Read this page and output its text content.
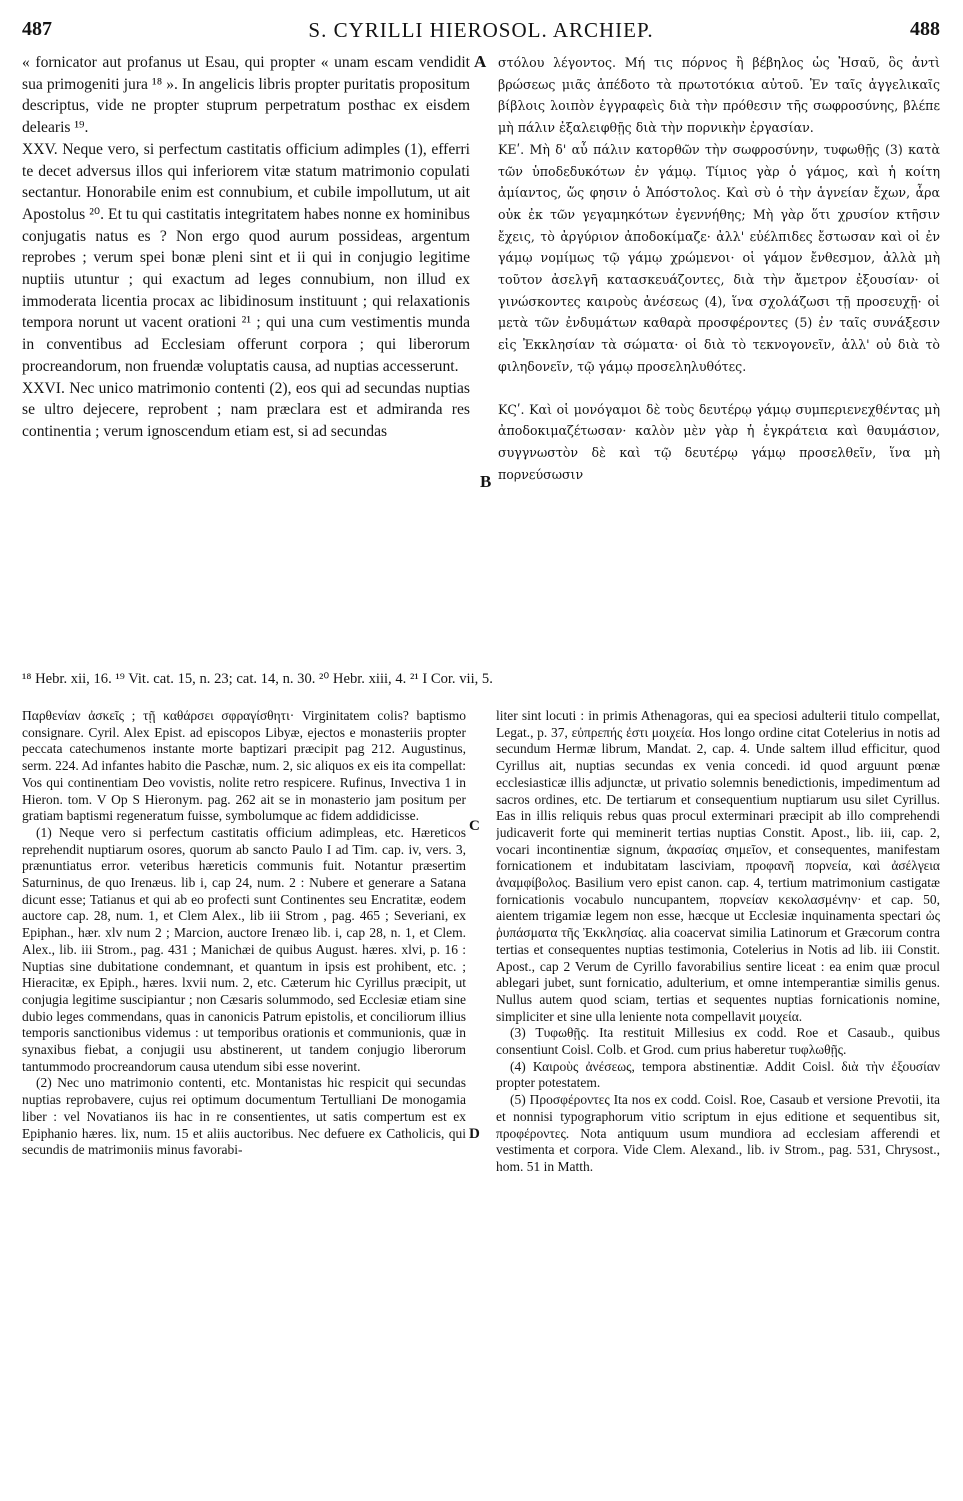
487	S. CYRILLI HIEROSOL. ARCHIEP.	488

« fornicator aut profanus ut Esau, qui propter « unam escam vendidit sua primogeniti jura ¹⁸ ». In angelicis libris propter puritatis propositum descriptus, vide ne propter stuprum perpetratum posthac ex eisdem delearis ¹⁹.

XXV. Neque vero, si perfectum castitatis officium adimples (1), efferri te decet adversus illos qui inferiorem vitæ statum matrimonio copulati sectantur. Honorabile enim est connubium, et cubile impollutum, ut ait Apostolus ²⁰. Et tu qui castitatis integritatem habes nonne ex hominibus conjugatis natus es ? Non ergo quod aurum possideas, argentum reprobes ; verum spei bonæ pleni sint et ii qui in conjugio legitime nuptiis utuntur ; qui exactum ad leges connubium, non illud ex immoderata licentia procax ac libidinosum instituunt ; qui relaxationis tempora norunt ut vacent orationi ²¹ ; qui una cum vestimentis munda in conventibus ad Ecclesiam offerunt corpora ; qui liberorum procreandorum, non fruendæ voluptatis causa, ad nuptias accesserunt.

XXVI. Nec unico matrimonio contenti (2), eos qui ad secundas nuptias se ultro dejecere, reprobent ; nam præclara est et admiranda res continentia ; verum ignoscendum etiam est, si ad secundas

A
B

στόλου λέγοντος. Μή τις πόρνος ἢ βέβηλος ὡς Ἠσαῦ, ὃς ἀντὶ βρώσεως μιᾶς ἀπέδοτο τὰ πρωτοτόκια αὐτοῦ. Ἐν ταῖς ἀγγελικαῖς βίβλοις λοιπὸν ἐγγραφεὶς διὰ τὴν πρόθεσιν τῆς σωφροσύνης, βλέπε μὴ πάλιν ἐξαλειφθῇς διὰ τὴν πορνικὴν ἐργασίαν.

ΚΕʹ. Μὴ δ' αὖ πάλιν κατορθῶν τὴν σωφροσύνην, τυφωθῇς (3) κατὰ τῶν ὑποδεδυκότων ἐν γάμῳ. Τίμιος γὰρ ὁ γάμος, καὶ ἡ κοίτη ἀμίαντος, ὥς φησιν ὁ Ἀπόστολος. Καὶ σὺ ὁ τὴν ἁγνείαν ἔχων, ἆρα οὐκ ἐκ τῶν γεγαμηκότων ἐγεννήθης; Μὴ γὰρ ὅτι χρυσίον κτῆσιν ἔχεις, τὸ ἀργύριον ἀποδοκίμαζε· ἀλλ' εὐέλπιδες ἔστωσαν καὶ οἱ ἐν γάμῳ νομίμως τῷ γάμῳ χρώμενοι· οἱ γάμον ἔνθεσμον, ἀλλὰ μὴ τοῦτον ἀσελγῆ κατασκευάζοντες, διὰ τὴν ἄμετρον ἐξουσίαν· οἱ γινώσκοντες καιροὺς ἀνέσεως (4), ἵνα σχολάζωσι τῇ προσευχῇ· οἱ μετὰ τῶν ἐνδυμάτων καθαρὰ προσφέροντες (5) ἐν ταῖς συνάξεσιν εἰς Ἐκκλησίαν τὰ σώματα· οἱ διὰ τὸ τεκνογονεῖν, ἀλλ' οὐ διὰ τὸ φιληδονεῖν, τῷ γάμῳ προσεληλυθότες.

ΚϚʹ. Καὶ οἱ μονόγαμοι δὲ τοὺς δευτέρῳ γάμῳ συμπεριενεχθέντας μὴ ἀποδοκιμαζέτωσαν· καλὸν μὲν γὰρ ἡ ἐγκράτεια καὶ θαυμάσιον, συγγνωστὸν δὲ καὶ τῷ δευτέρῳ γάμῳ προσελθεῖν, ἵνα μὴ πορνεύσωσιν

¹⁸ Hebr. xii, 16. ¹⁹ Vit. cat. 15, n. 23; cat. 14, n. 30. ²⁰ Hebr. xiii, 4. ²¹ I Cor. vii, 5.

Παρθενίαν ἀσκεῖς ; τῇ καθάρσει σφραγίσθητι· Virginitatem colis? baptismo consignare. Cyril. Alex Epist. ad episcopos Libyæ, ejectos e monasteriis propter peccata catechumenos instante morte baptizari præcipit pag 212. Augustinus, serm. 224. Ad infantes habito die Paschæ, num. 2, sic aliquos ex eis ita compellat: Vos qui continentiam Deo vovistis, nolite retro respicere. Rufinus, Invectiva 1 in Hieron. tom. V Op S Hieronym. pag. 262 ait se in monasterio jam positum per gratiam baptismi regeneratum fuisse, symbolumque ac fidem addidicisse.

(1) Neque vero si perfectum castitatis officium adimpleas, etc. Hæreticos reprehendit nuptiarum osores, quorum ab sancto Paulo I ad Tim. cap. iv, vers. 3, prænuntiatus error. veteribus hæreticis communis fuit. Notantur præsertim Saturninus, de quo Irenæus. lib i, cap 24, num. 2 : Nubere et generare a Satana dicunt esse; Tatianus et qui ab eo profecti sunt Continentes seu Encratitæ, eodem auctore cap. 28, num. 1, et Clem Alex., lib iii Strom , pag. 465 ; Severiani, ex Epiphan., hær. xlv num 2 ; Marcion, auctore Irenæo lib. i, cap 28, n. 1, et Clem. Alex., lib. iii Strom., pag. 431 ; Manichæi de quibus August. hæres. xlvi, p. 16 : Nuptias sine dubitatione condemnant, et quantum in ipsis est prohibent, etc. ; Hieracitæ, ex Epiph., hæres. lxvii num. 2, etc. Cæterum hic Cyrillus præcipit, ut conjugia legitime suscipiantur ; non Cæsaris solummodo, sed Ecclesiæ etiam sine dubio leges commendans, quas in canonicis Patrum epistolis, et conciliorum illius temporis sanctionibus videmus : ut temporibus orationis et communionis, quæ in synaxibus fiebat, a conjugii usu abstinerent, ut tandem conjugio liberorum tantummodo procreandorum causa utendum sibi esse noverint.

(2) Nec uno matrimonio contenti, etc. Montanistas hic respicit qui secundas nuptias reprobavere, cujus rei optimum documentum Tertulliani De monogamia liber : vel Novatianos iis hac in re consentientes, ut satis compertum est ex Epiphanio hæres. lix, num. 15 et aliis auctoribus. Nec defuere ex Catholicis, qui secundis de matrimoniis minus favorabi-

C
D

liter sint locuti : in primis Athenagoras, qui ea speciosi adulterii titulo compellat, Legat., p. 37, εὐπρεπής ἐστι μοιχεία. Hos longo ordine citat Cotelerius in notis ad secundum Hermæ librum, Mandat. 2, cap. 4. Unde saltem illud efficitur, quod Cyrillus ait, nuptias secundas ex venia concedi. id quod arguunt pœnæ ecclesiasticæ illis adjunctæ, ut privatio solemnis benedictionis, impedimentum ad sacros ordines, etc. De tertiarum et consequentium nuptiarum usu silet Cyrillus. Eas in illis reliquis rebus quas procul exterminari præcipit ab illo comprehendi judicaverit forte qui meminerit tertias nuptias Constit. Apost., lib. iii, cap. 2, vocari incontinentiæ signum, ἀκρασίας σημεῖον, et consequentes, manifestam fornicationem et indubitatam lasciviam, προφανῆ πορνεία, καὶ ἀσέλγεια ἀναμφίβολος. Basilium vero epist canon. cap. 4, tertium matrimonium castigatæ fornicationis vocabulo nuncupantem, πορνείαν κεκολασμένην· et cap. 50, aientem trigamiæ legem non esse, hæcque ut Ecclesiæ inquinamenta spectari ὡς ῥυπάσματα τῆς Ἐκκλησίας. alia coacervat similia Latinorum et Græcorum contra tertias et consequentes nuptias testimonia, Cotelerius in Notis ad lib. iii Constit. Apost., cap 2 Verum de Cyrillo favorabilius sentire liceat : ea enim quæ procul ablegari jubet, sunt fornicatio, adulterium, et omne intemperantiæ similis genus. Nullus autem quod sciam, tertias et sequentes nuptias fornicationis nomine, simpliciter et sine ulla leniente nota compellavit μοιχεία.

(3) Τυφωθῇς. Ita restituit Millesius ex codd. Roe et Casaub., quibus consentiunt Coisl. Colb. et Grod. cum prius haberetur τυφλωθῇς.

(4) Καιροὺς ἀνέσεως, tempora abstinentiæ. Addit Coisl. διὰ τὴν ἐξουσίαν propter potestatem.

(5) Προσφέροντες Ita nos ex codd. Coisl. Roe, Casaub et versione Prevotii, ita et nonnisi typographorum vitio scriptum in ejus editione et sequentibus sit, προφέροντες. Nota antiquum usum mundiora ad ecclesiam afferendi et vestimenta et corpora. Vide Clem. Alexand., lib. iv Strom., pag. 531, Chrysost., hom. 51 in Matth.
